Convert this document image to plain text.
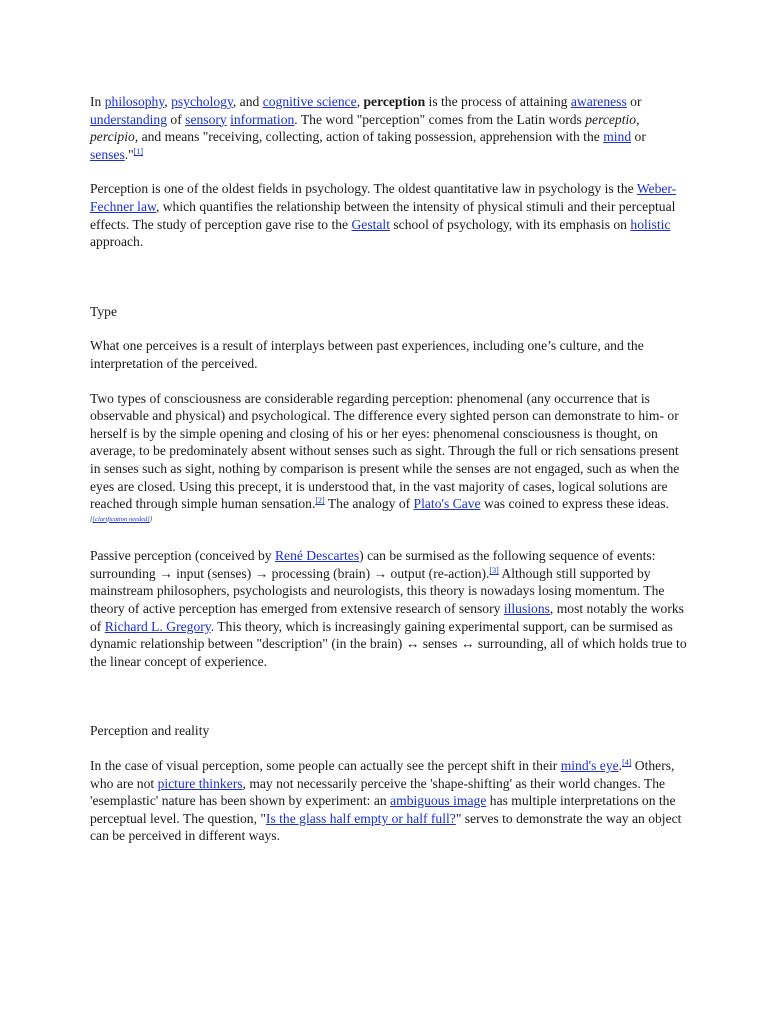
In philosophy, psychology, and cognitive science, perception is the process of attaining awareness or understanding of sensory information. The word "perception" comes from the Latin words perceptio, percipio, and means "receiving, collecting, action of taking possession, apprehension with the mind or senses."[1]

Perception is one of the oldest fields in psychology. The oldest quantitative law in psychology is the Weber-Fechner law, which quantifies the relationship between the intensity of physical stimuli and their perceptual effects. The study of perception gave rise to the Gestalt school of psychology, with its emphasis on holistic approach.

Type

What one perceives is a result of interplays between past experiences, including one’s culture, and the interpretation of the perceived.

Two types of consciousness are considerable regarding perception: phenomenal (any occurrence that is observable and physical) and psychological. The difference every sighted person can demonstrate to him- or herself is by the simple opening and closing of his or her eyes: phenomenal consciousness is thought, on average, to be predominately absent without senses such as sight. Through the full or rich sensations present in senses such as sight, nothing by comparison is present while the senses are not engaged, such as when the eyes are closed. Using this precept, it is understood that, in the vast majority of cases, logical solutions are reached through simple human sensation.[2] The analogy of Plato's Cave was coined to express these ideas.[[clarification needed]]

Passive perception (conceived by René Descartes) can be surmised as the following sequence of events: surrounding → input (senses) → processing (brain) → output (re-action).[3] Although still supported by mainstream philosophers, psychologists and neurologists, this theory is nowadays losing momentum. The theory of active perception has emerged from extensive research of sensory illusions, most notably the works of Richard L. Gregory. This theory, which is increasingly gaining experimental support, can be surmised as dynamic relationship between "description" (in the brain) ↔ senses ↔ surrounding, all of which holds true to the linear concept of experience.

Perception and reality

In the case of visual perception, some people can actually see the percept shift in their mind's eye.[4] Others, who are not picture thinkers, may not necessarily perceive the 'shape-shifting' as their world changes. The 'esemplastic' nature has been shown by experiment: an ambiguous image has multiple interpretations on the perceptual level. The question, "Is the glass half empty or half full?" serves to demonstrate the way an object can be perceived in different ways.
